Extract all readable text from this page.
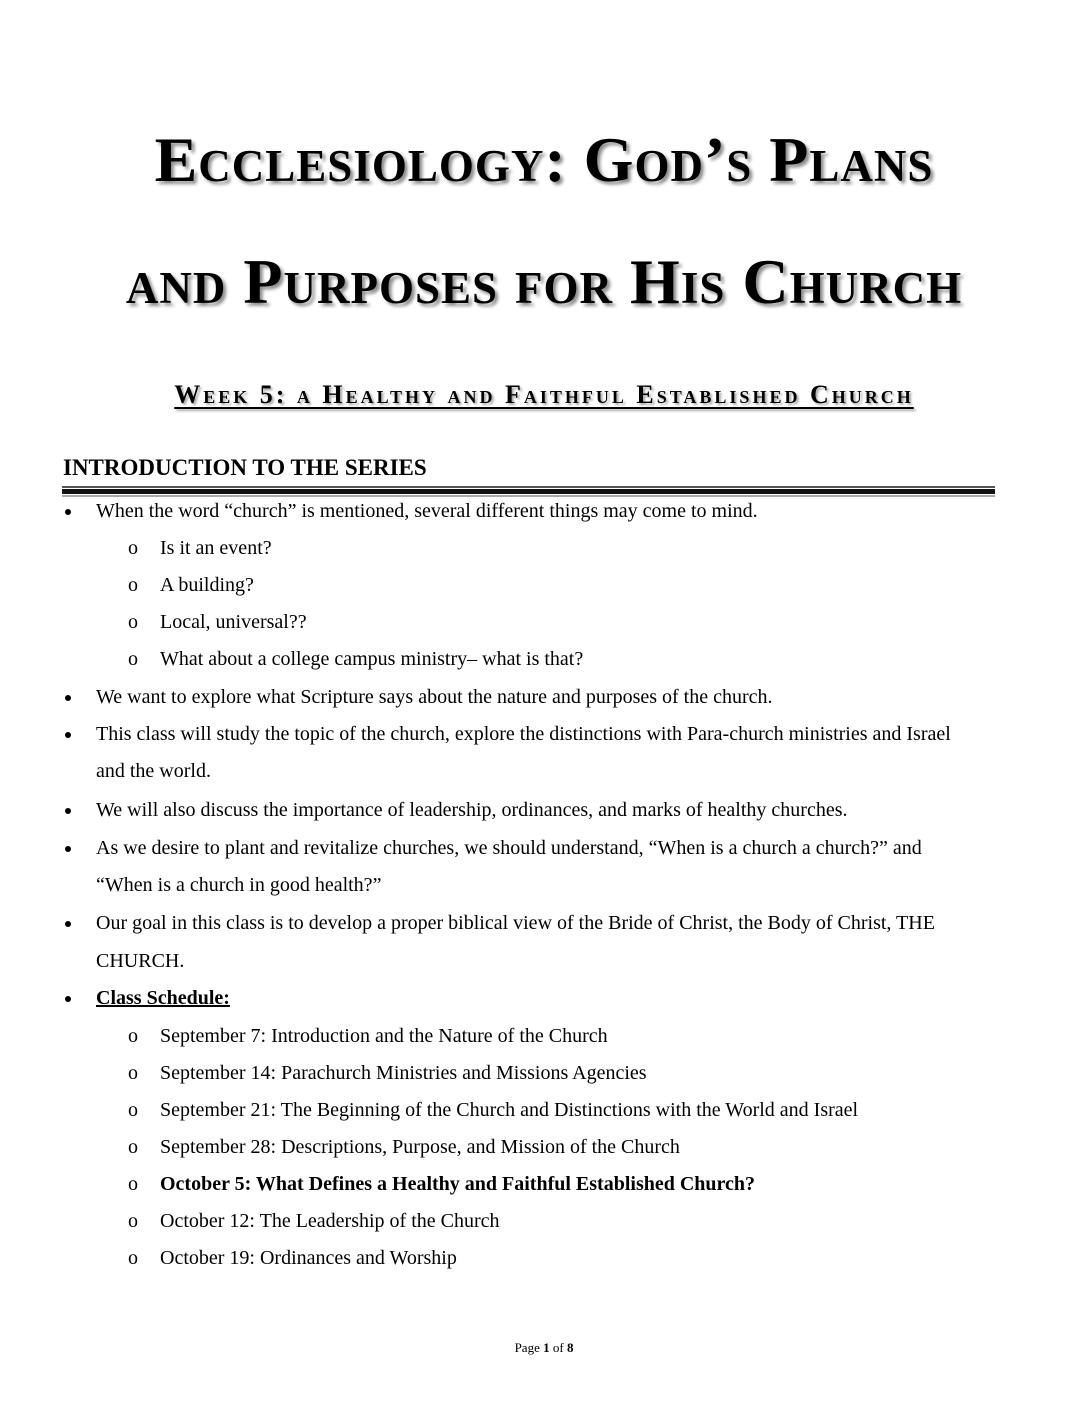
Ecclesiology: God’s Plans
and Purposes for His Church
Week 5: a Healthy and Faithful Established Church
INTRODUCTION TO THE SERIES
When the word “church” is mentioned, several different things may come to mind.
o Is it an event?
o A building?
o Local, universal??
o What about a college campus ministry– what is that?
We want to explore what Scripture says about the nature and purposes of the church.
This class will study the topic of the church, explore the distinctions with Para-church ministries and Israel
and the world.
We will also discuss the importance of leadership, ordinances, and marks of healthy churches.
As we desire to plant and revitalize churches, we should understand, “When is a church a church?” and
“When is a church in good health?”
Our goal in this class is to develop a proper biblical view of the Bride of Christ, the Body of Christ, THE
CHURCH.
Class Schedule:
o September 7: Introduction and the Nature of the Church
o September 14: Parachurch Ministries and Missions Agencies
o September 21: The Beginning of the Church and Distinctions with the World and Israel
o September 28: Descriptions, Purpose, and Mission of the Church
o October 5: What Defines a Healthy and Faithful Established Church?
o October 12: The Leadership of the Church
o October 19: Ordinances and Worship
Page 1 of 8
